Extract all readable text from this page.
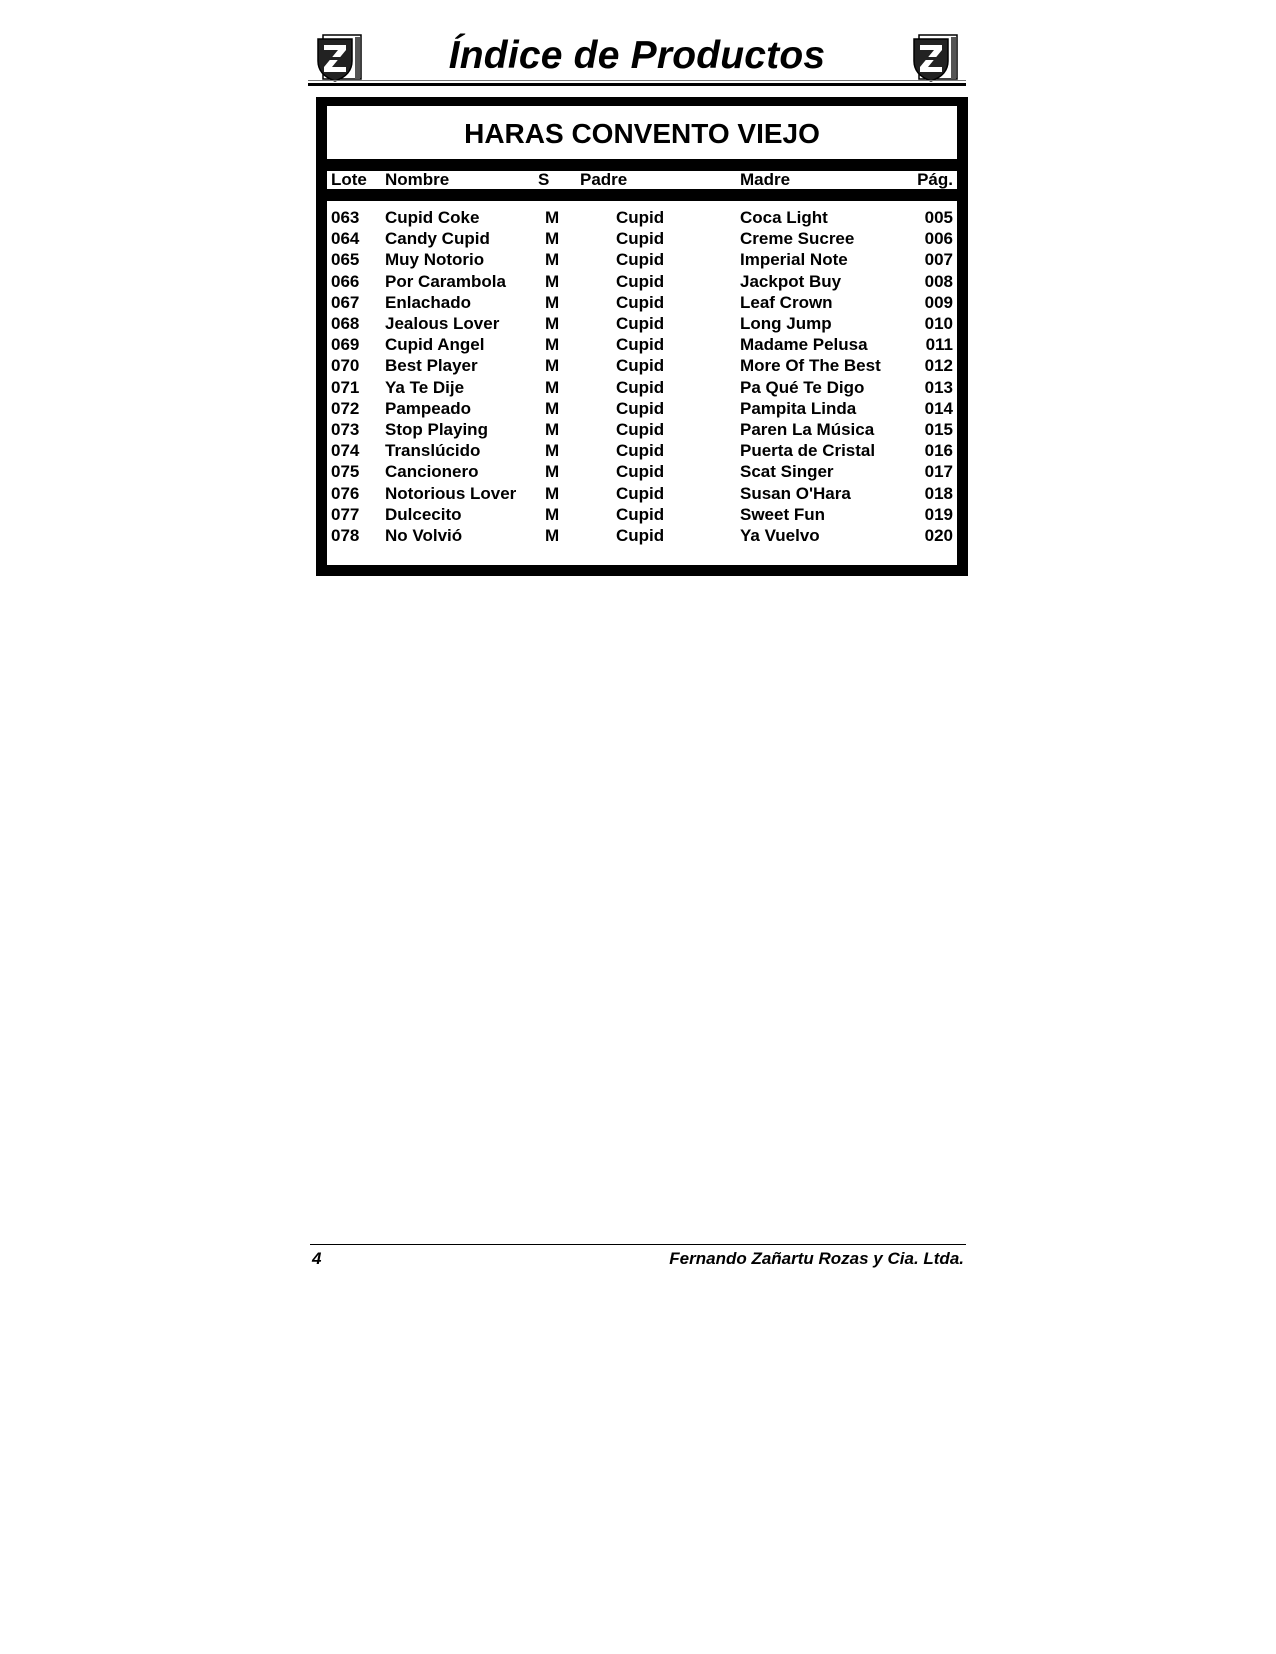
Índice de Productos
HARAS CONVENTO VIEJO
Lote Nombre	S Padre	Madre	Pág.
063 Cupid Coke	M	Cupid	Coca Light	005
064 Candy Cupid	M	Cupid	Creme Sucree	006
065 Muy Notorio	M	Cupid	Imperial Note	007
066 Por Carambola M	Cupid	Jackpot Buy	008
067 Enlachado	M	Cupid	Leaf Crown	009
068 Jealous Lover	M	Cupid	Long Jump	010
069 Cupid Angel	M	Cupid	Madame Pelusa	011
070 Best Player	M	Cupid	More Of The Best	012
071 Ya Te Dije	M	Cupid	Pa Qué Te Digo	013
072 Pampeado	M	Cupid	Pampita Linda	014
073 Stop Playing	M	Cupid	Paren La Música	015
074 Translúcido	M	Cupid	Puerta de Cristal	016
075 Cancionero	M	Cupid	Scat Singer	017
076 Notorious Lover M	Cupid	Susan O'Hara	018
077 Dulcecito	M	Cupid	Sweet Fun	019
078 No Volvió	M	Cupid	Ya Vuelvo	020
4	Fernando Zañartu Rozas y Cia. Ltda.
